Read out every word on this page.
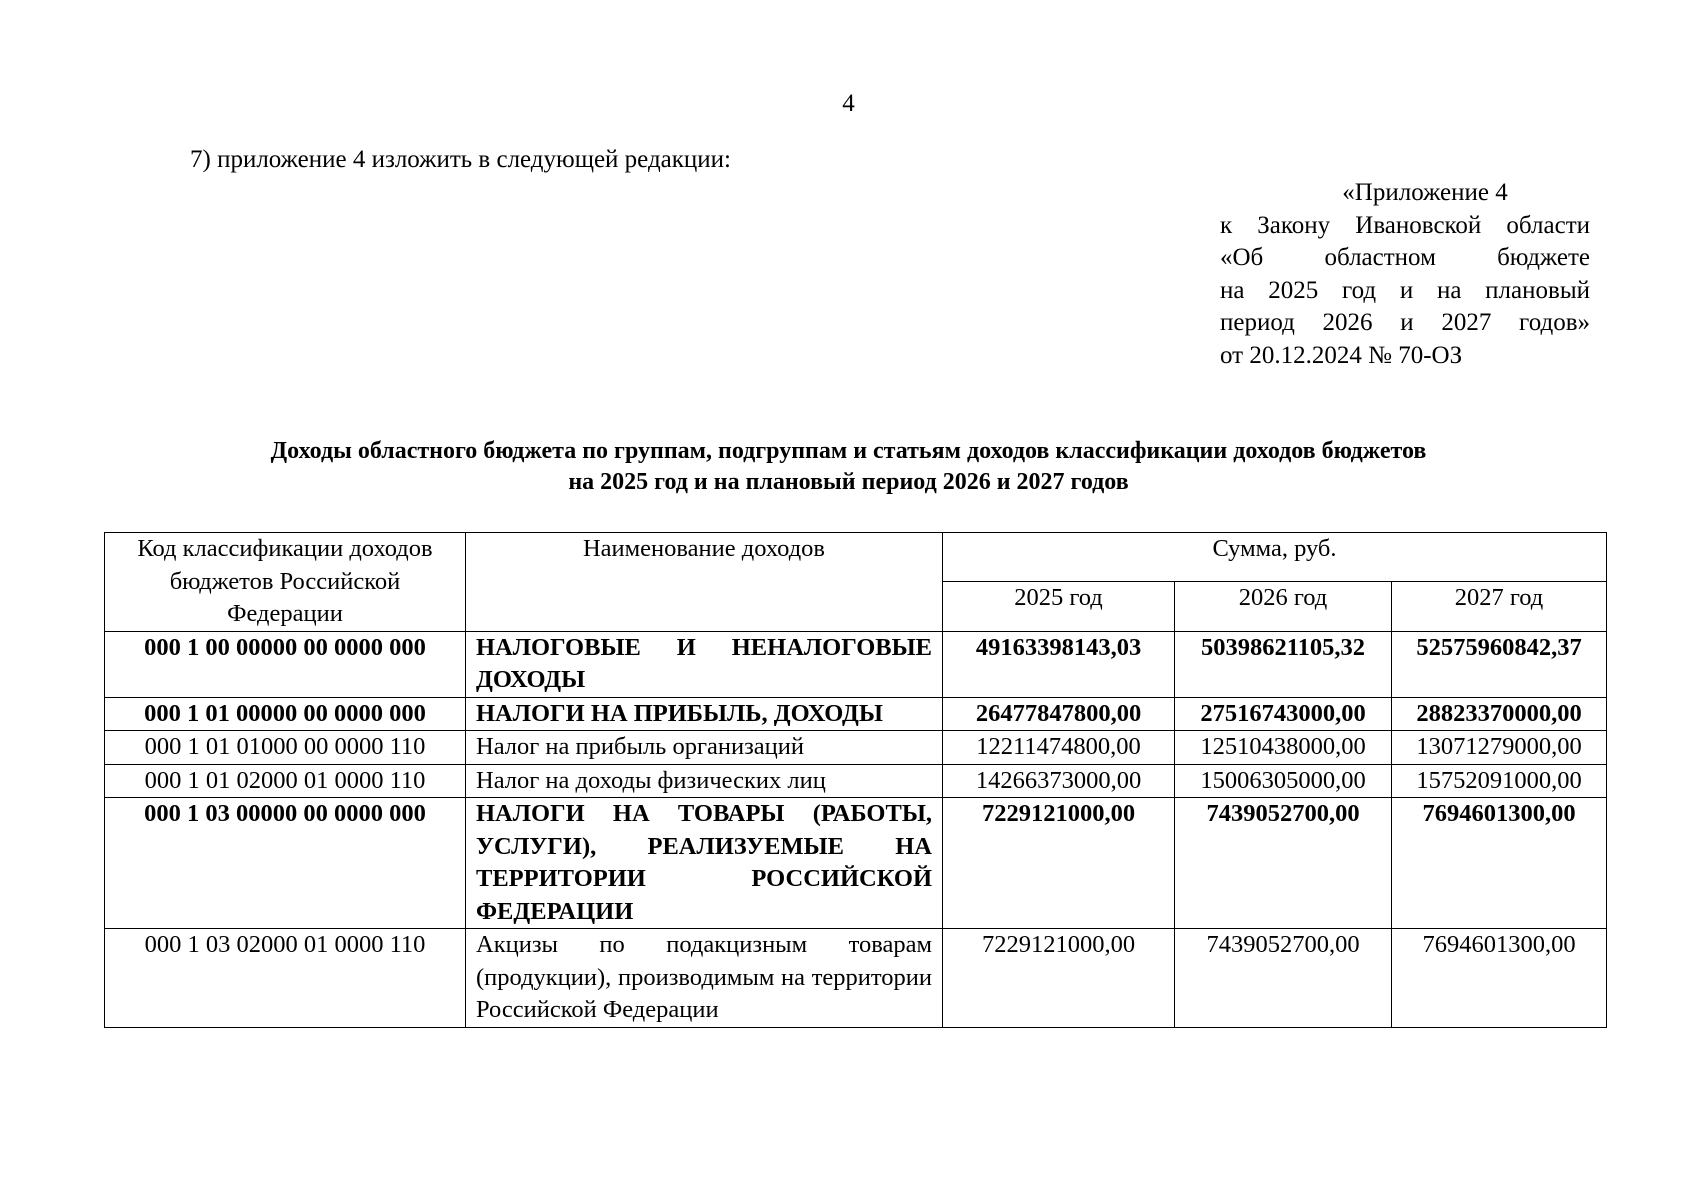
4
7) приложение 4 изложить в следующей редакции:
«Приложение 4
к Закону Ивановской области
«Об областном бюджете
на 2025 год и на плановый
период 2026 и 2027 годов»
от 20.12.2024 № 70-ОЗ
Доходы областного бюджета по группам, подгруппам и статьям доходов классификации доходов бюджетов
на 2025 год и на плановый период 2026 и 2027 годов
Код классификации доходов бюджетов Российской Федерации	Наименование доходов	Сумма, руб.		
		2025 год	2026 год	2027 год
000 1 00 00000 00 0000 000	НАЛОГОВЫЕ И НЕНАЛОГОВЫЕ ДОХОДЫ	49163398143,03	50398621105,32	52575960842,37
000 1 01 00000 00 0000 000	НАЛОГИ НА ПРИБЫЛЬ, ДОХОДЫ	26477847800,00	27516743000,00	28823370000,00
000 1 01 01000 00 0000 110	Налог на прибыль организаций	12211474800,00	12510438000,00	13071279000,00
000 1 01 02000 01 0000 110	Налог на доходы физических лиц	14266373000,00	15006305000,00	15752091000,00
000 1 03 00000 00 0000 000	НАЛОГИ НА ТОВАРЫ (РАБОТЫ, УСЛУГИ), РЕАЛИЗУЕМЫЕ НА ТЕРРИТОРИИ РОССИЙСКОЙ ФЕДЕРАЦИИ	7229121000,00	7439052700,00	7694601300,00
000 1 03 02000 01 0000 110	Акцизы по подакцизным товарам (продукции), производимым на территории Российской Федерации	7229121000,00	7439052700,00	7694601300,00
